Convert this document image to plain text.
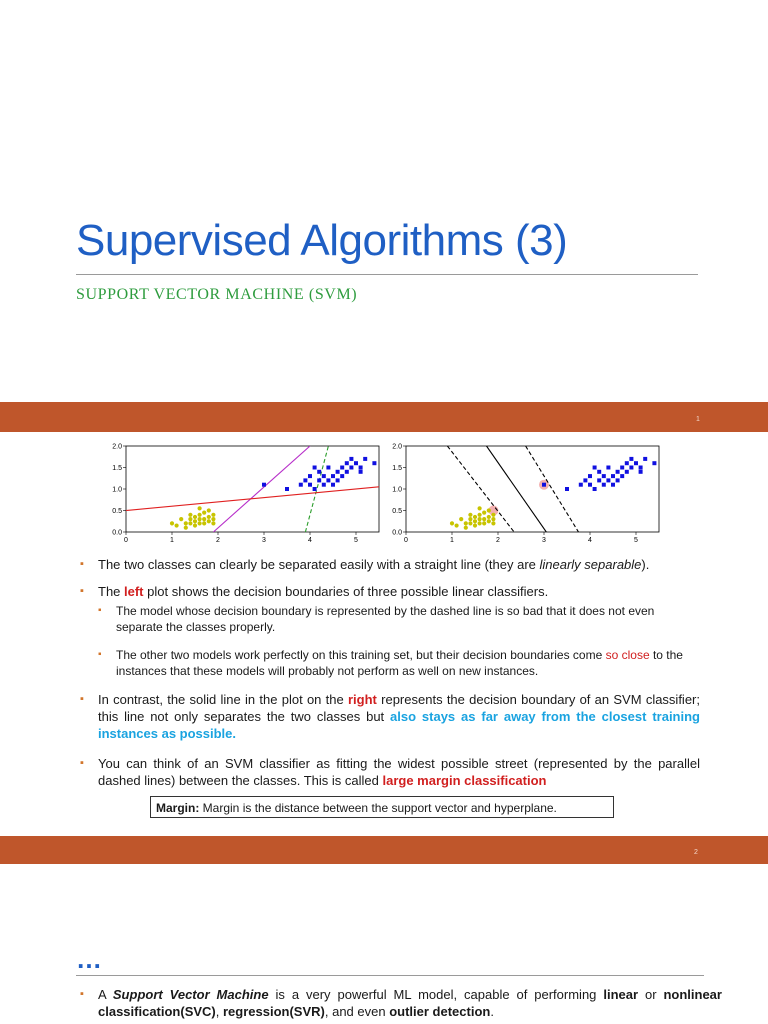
Supervised Algorithms (3)

SUPPORT VECTOR MACHINE (SVM)

1
0	1	2	3	4	5
0.0
0.5
1.0
1.5
2.0
0	1	2	3	4	5
0.0
0.5
1.0
1.5
2.0

▪ The two classes can clearly be separated easily with a straight line (they are linearly separable).

▪ The left plot shows the decision boundaries of three possible linear classifiers.

▪ The model whose decision boundary is represented by the dashed line is so bad that it does not even separate the classes properly.

▪ The other two models work perfectly on this training set, but their decision boundaries come so close to the instances that these models will probably not perform as well on new instances.

▪ In contrast, the solid line in the plot on the right represents the decision boundary of an SVM classifier; this line not only separates the two classes but also stays as far away from the closest training instances as possible.

▪ You can think of an SVM classifier as fitting the widest possible street (represented by the parallel dashed lines) between the classes. This is called large margin classification

Margin: Margin is the distance between the support vector and hyperplane.
2

…

▪ A Support Vector Machine is a very powerful ML model, capable of performing linear or nonlinear classification(SVC), regression(SVR), and even outlier detection.
